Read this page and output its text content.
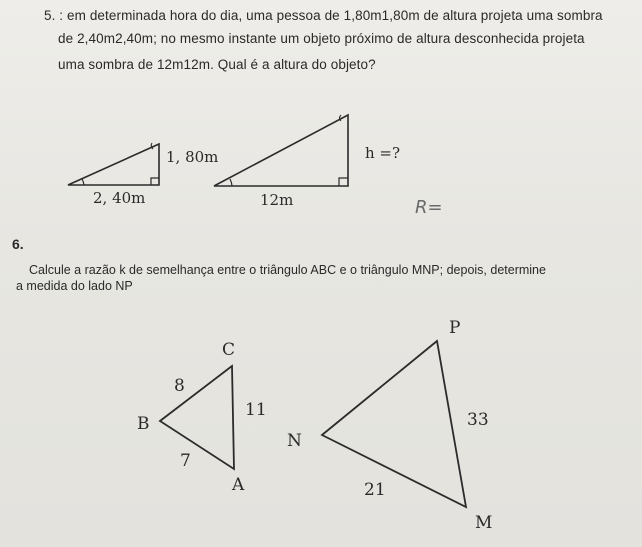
5. : em determinada hora do dia, uma pessoa de 1,80m1,80m de altura projeta uma sombra
de 2,40m2,40m; no mesmo instante um objeto próximo de altura desconhecida projeta
uma sombra de 12m12m. Qual é a altura do objeto?
1, 80m
2, 40m
h =?
12m	R=
6.
Calcule a razão k de semelhança entre o triângulo ABC e o triângulo MNP; depois, determine
a medida do lado NP
C
B
A
8
11
7
P
N
M
33
21
